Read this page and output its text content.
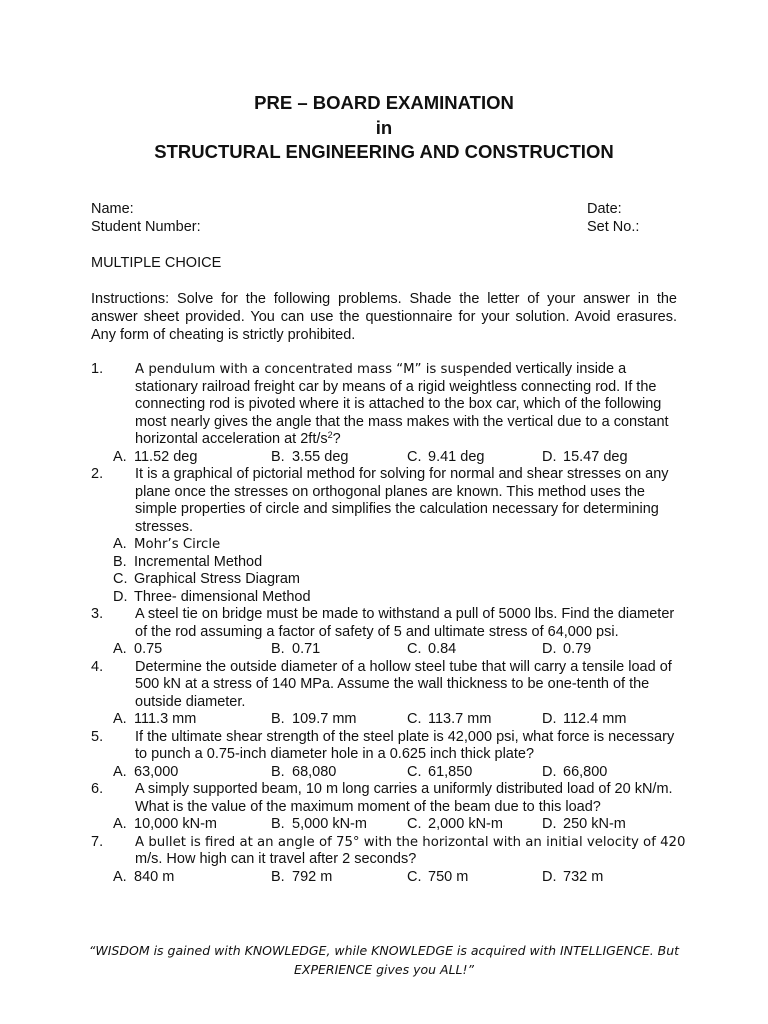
PRE – BOARD EXAMINATION
in
STRUCTURAL ENGINEERING AND CONSTRUCTION
Name:	Date:
Student Number:	Set No.:
MULTIPLE CHOICE
Instructions: Solve for the following problems. Shade the letter of your answer in the answer sheet provided. You can use the questionnaire for your solution. Avoid erasures. Any form of cheating is strictly prohibited.
1. A pendulum with a concentrated mass “M” is suspended vertically inside a stationary railroad freight car by means of a rigid weightless connecting rod. If the connecting rod is pivoted where it is attached to the box car, which of the following most nearly gives the angle that the mass makes with the vertical due to a constant horizontal acceleration at $2ft/s^2$?
A. 11.52 deg	B. 3.55 deg	C. 9.41 deg	D. 15.47 deg
2. It is a graphical of pictorial method for solving for normal and shear stresses on any plane once the stresses on orthogonal planes are known. This method uses the simple properties of circle and simplifies the calculation necessary for determining stresses.
A. Mohr’s Circle
B. Incremental Method
C. Graphical Stress Diagram
D. Three- dimensional Method
3. A steel tie on bridge must be made to withstand a pull of 5000 lbs. Find the diameter of the rod assuming a factor of safety of 5 and ultimate stress of 64,000 psi.
A. 0.75	B. 0.71	C. 0.84	D. 0.79
4. Determine the outside diameter of a hollow steel tube that will carry a tensile load of 500 kN at a stress of 140 MPa. Assume the wall thickness to be one-tenth of the outside diameter.
A. 111.3 mm	B. 109.7 mm	C. 113.7 mm	D. 112.4 mm
5. If the ultimate shear strength of the steel plate is 42,000 psi, what force is necessary to punch a 0.75-inch diameter hole in a 0.625 inch thick plate?
A. 63,000	B. 68,080	C. 61,850	D. 66,800
6. A simply supported beam, 10 m long carries a uniformly distributed load of 20 kN/m. What is the value of the maximum moment of the beam due to this load?
A. 10,000 kN-m	B. 5,000 kN-m	C. 2,000 kN-m	D. 250 kN-m
7. A bullet is fired at an angle of 75° with the horizontal with an initial velocity of 420
m/s. How high can it travel after 2 seconds?
A. 840 m	B. 792 m	C. 750 m	D. 732 m
“WISDOM is gained with KNOWLEDGE, while KNOWLEDGE is acquired with INTELLIGENCE. But
EXPERIENCE gives you ALL!”
